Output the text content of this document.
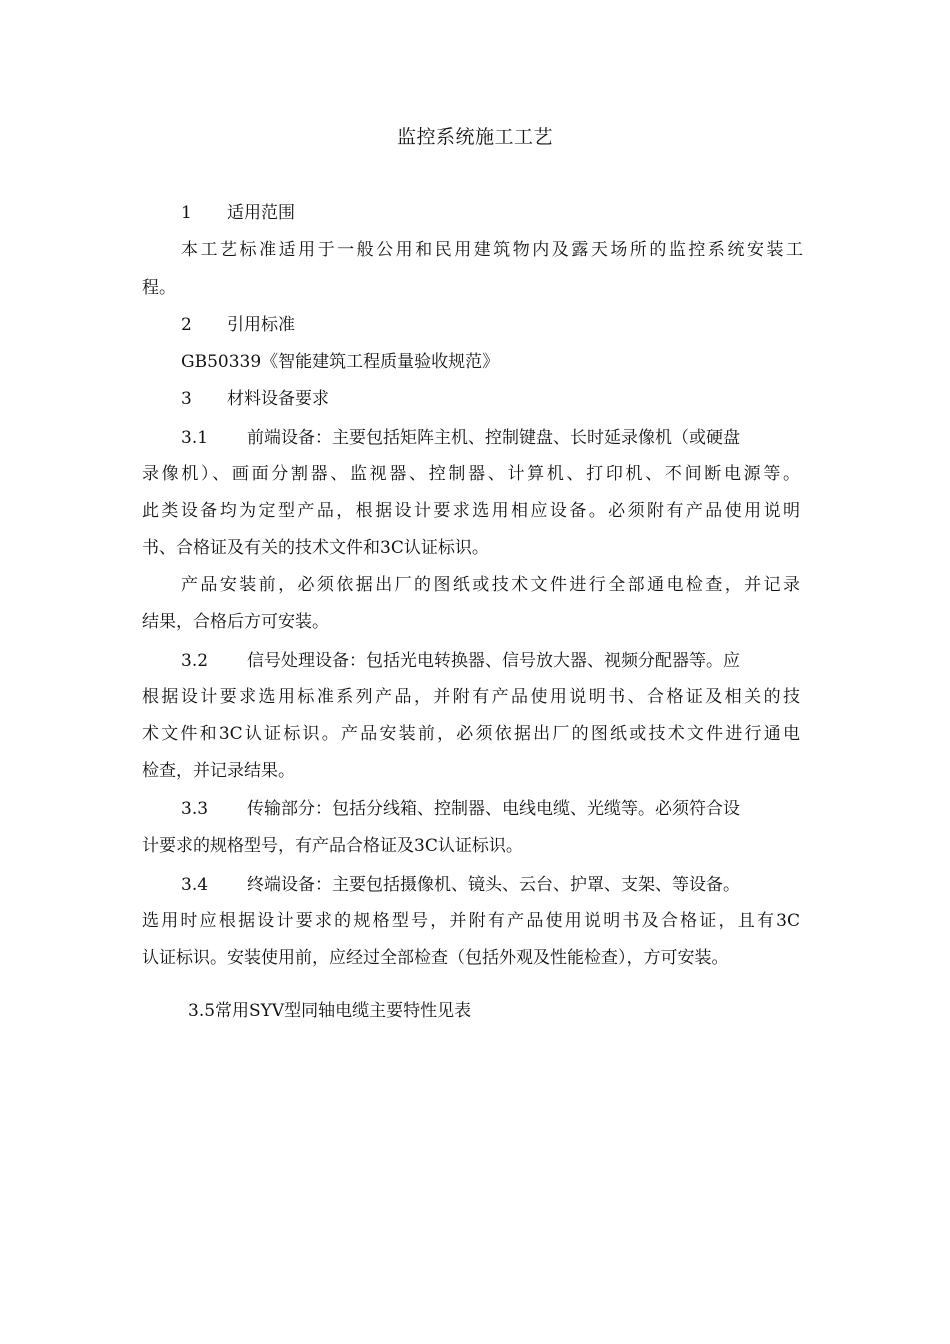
监控系统施工工艺
1 适用范围
本工艺标准适用于一般公用和民用建筑物内及露天场所的监控系统安装工
程。
2 引用标准
GB50339《智能建筑工程质量验收规范》
3 材料设备要求
3.1 前端设备：主要包括矩阵主机、控制键盘、长时延录像机（或硬盘
录像机）、画面分割器、监视器、控制器、计算机、打印机、不间断电源等。
此类设备均为定型产品，根据设计要求选用相应设备。必须附有产品使用说明
书、合格证及有关的技术文件和3C认证标识。
产品安装前，必须依据出厂的图纸或技术文件进行全部通电检查，并记录
结果，合格后方可安装。
3.2 信号处理设备：包括光电转换器、信号放大器、视频分配器等。应
根据设计要求选用标准系列产品，并附有产品使用说明书、合格证及相关的技
术文件和3C认证标识。产品安装前，必须依据出厂的图纸或技术文件进行通电
检查，并记录结果。
3.3 传输部分：包括分线箱、控制器、电线电缆、光缆等。必须符合设
计要求的规格型号，有产品合格证及3C认证标识。
3.4 终端设备：主要包括摄像机、镜头、云台、护罩、支架、等设备。
选用时应根据设计要求的规格型号，并附有产品使用说明书及合格证，且有3C
认证标识。安装使用前，应经过全部检查（包括外观及性能检查），方可安装。
3.5常用SYV型同轴电缆主要特性见表
